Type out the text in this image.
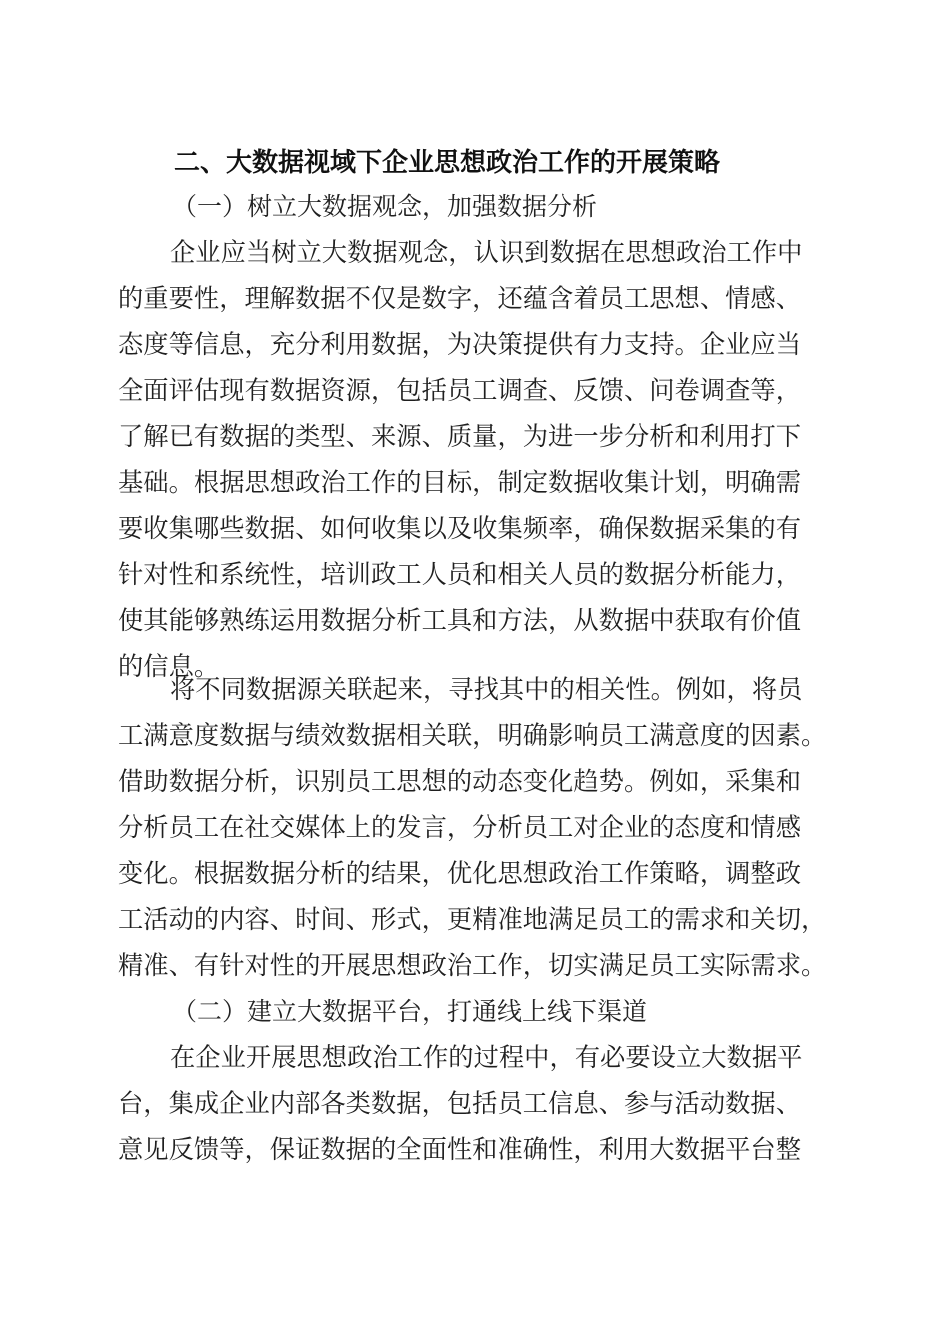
二、大数据视域下企业思想政治工作的开展策略
（一）树立大数据观念，加强数据分析
企业应当树立大数据观念，认识到数据在思想政治工作中
的重要性，理解数据不仅是数字，还蕴含着员工思想、情感、
态度等信息，充分利用数据，为决策提供有力支持。企业应当
全面评估现有数据资源，包括员工调查、反馈、问卷调查等，
了解已有数据的类型、来源、质量，为进一步分析和利用打下
基础。根据思想政治工作的目标，制定数据收集计划，明确需
要收集哪些数据、如何收集以及收集频率，确保数据采集的有
针对性和系统性，培训政工人员和相关人员的数据分析能力，
使其能够熟练运用数据分析工具和方法，从数据中获取有价值
的信息。
将不同数据源关联起来，寻找其中的相关性。例如，将员
工满意度数据与绩效数据相关联，明确影响员工满意度的因素。
借助数据分析，识别员工思想的动态变化趋势。例如，采集和
分析员工在社交媒体上的发言，分析员工对企业的态度和情感
变化。根据数据分析的结果，优化思想政治工作策略，调整政
工活动的内容、时间、形式，更精准地满足员工的需求和关切，
精准、有针对性的开展思想政治工作，切实满足员工实际需求。
（二）建立大数据平台，打通线上线下渠道
在企业开展思想政治工作的过程中，有必要设立大数据平
台，集成企业内部各类数据，包括员工信息、参与活动数据、
意见反馈等，保证数据的全面性和准确性，利用大数据平台整
